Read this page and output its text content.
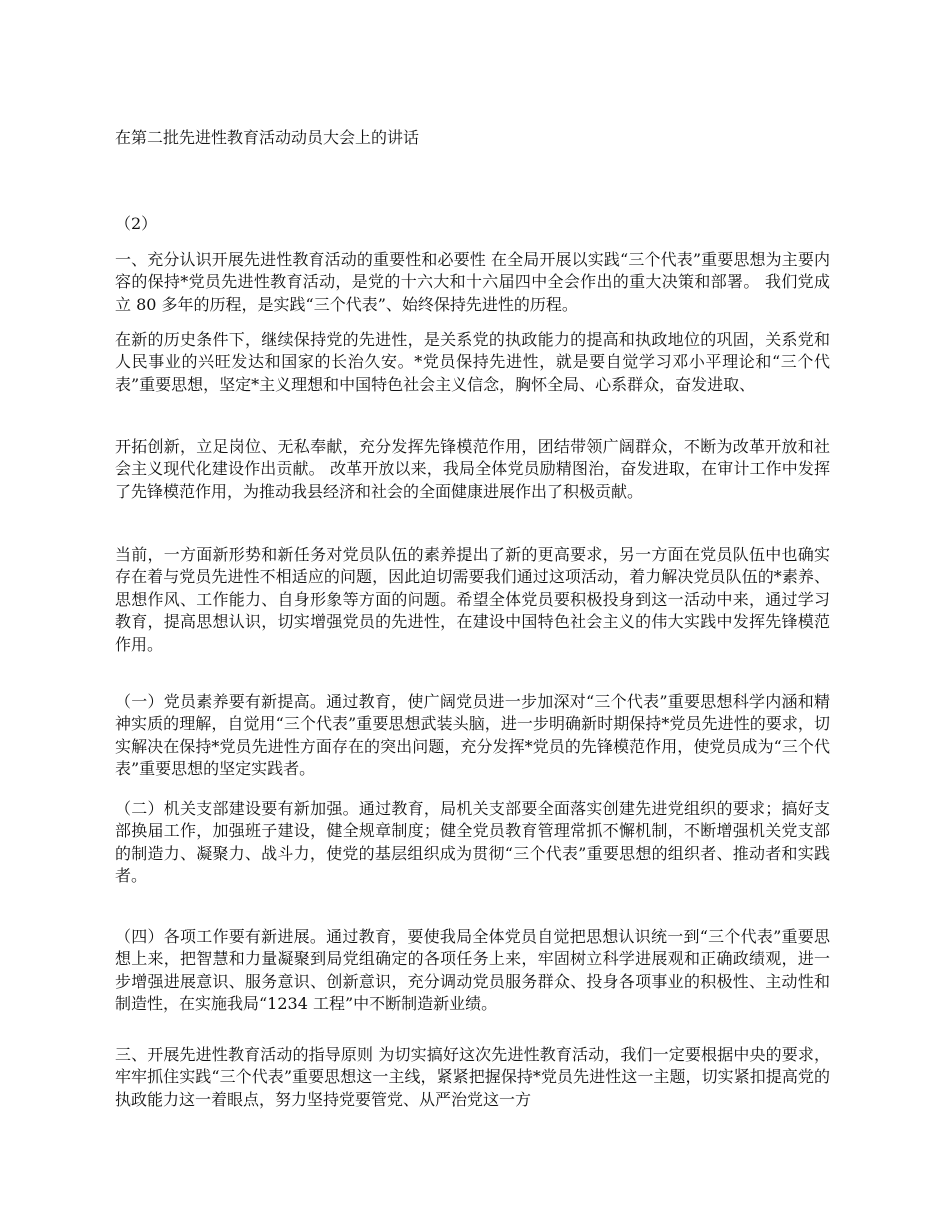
在第二批先进性教育活动动员大会上的讲话

（2）

一、充分认识开展先进性教育活动的重要性和必要性 在全局开展以实践“三个代表”重要思想为主要内容的保持*党员先进性教育活动，是党的十六大和十六届四中全会作出的重大决策和部署。 我们党成立 80 多年的历程，是实践“三个代表”、始终保持先进性的历程。

在新的历史条件下，继续保持党的先进性，是关系党的执政能力的提高和执政地位的巩固，关系党和人民事业的兴旺发达和国家的长治久安。*党员保持先进性，就是要自觉学习邓小平理论和“三个代表”重要思想，坚定*主义理想和中国特色社会主义信念，胸怀全局、心系群众，奋发进取、

开拓创新，立足岗位、无私奉献，充分发挥先锋模范作用，团结带领广阔群众，不断为改革开放和社会主义现代化建设作出贡献。 改革开放以来，我局全体党员励精图治，奋发进取，在审计工作中发挥了先锋模范作用，为推动我县经济和社会的全面健康进展作出了积极贡献。

当前，一方面新形势和新任务对党员队伍的素养提出了新的更高要求，另一方面在党员队伍中也确实存在着与党员先进性不相适应的问题，因此迫切需要我们通过这项活动，着力解决党员队伍的*素养、思想作风、工作能力、自身形象等方面的问题。希望全体党员要积极投身到这一活动中来，通过学习教育，提高思想认识，切实增强党员的先进性，在建设中国特色社会主义的伟大实践中发挥先锋模范作用。

（一）党员素养要有新提高。通过教育，使广阔党员进一步加深对“三个代表”重要思想科学内涵和精神实质的理解，自觉用“三个代表”重要思想武装头脑，进一步明确新时期保持*党员先进性的要求，切实解决在保持*党员先进性方面存在的突出问题，充分发挥*党员的先锋模范作用，使党员成为“三个代表”重要思想的坚定实践者。

（二）机关支部建设要有新加强。通过教育，局机关支部要全面落实创建先进党组织的要求；搞好支部换届工作，加强班子建设，健全规章制度；健全党员教育管理常抓不懈机制，不断增强机关党支部的制造力、凝聚力、战斗力，使党的基层组织成为贯彻“三个代表”重要思想的组织者、推动者和实践者。

（四）各项工作要有新进展。通过教育，要使我局全体党员自觉把思想认识统一到“三个代表”重要思想上来，把智慧和力量凝聚到局党组确定的各项任务上来，牢固树立科学进展观和正确政绩观，进一步增强进展意识、服务意识、创新意识，充分调动党员服务群众、投身各项事业的积极性、主动性和制造性，在实施我局“1234 工程”中不断制造新业绩。

三、开展先进性教育活动的指导原则 为切实搞好这次先进性教育活动，我们一定要根据中央的要求，牢牢抓住实践“三个代表”重要思想这一主线，紧紧把握保持*党员先进性这一主题，切实紧扣提高党的执政能力这一着眼点，努力坚持党要管党、从严治党这一方
